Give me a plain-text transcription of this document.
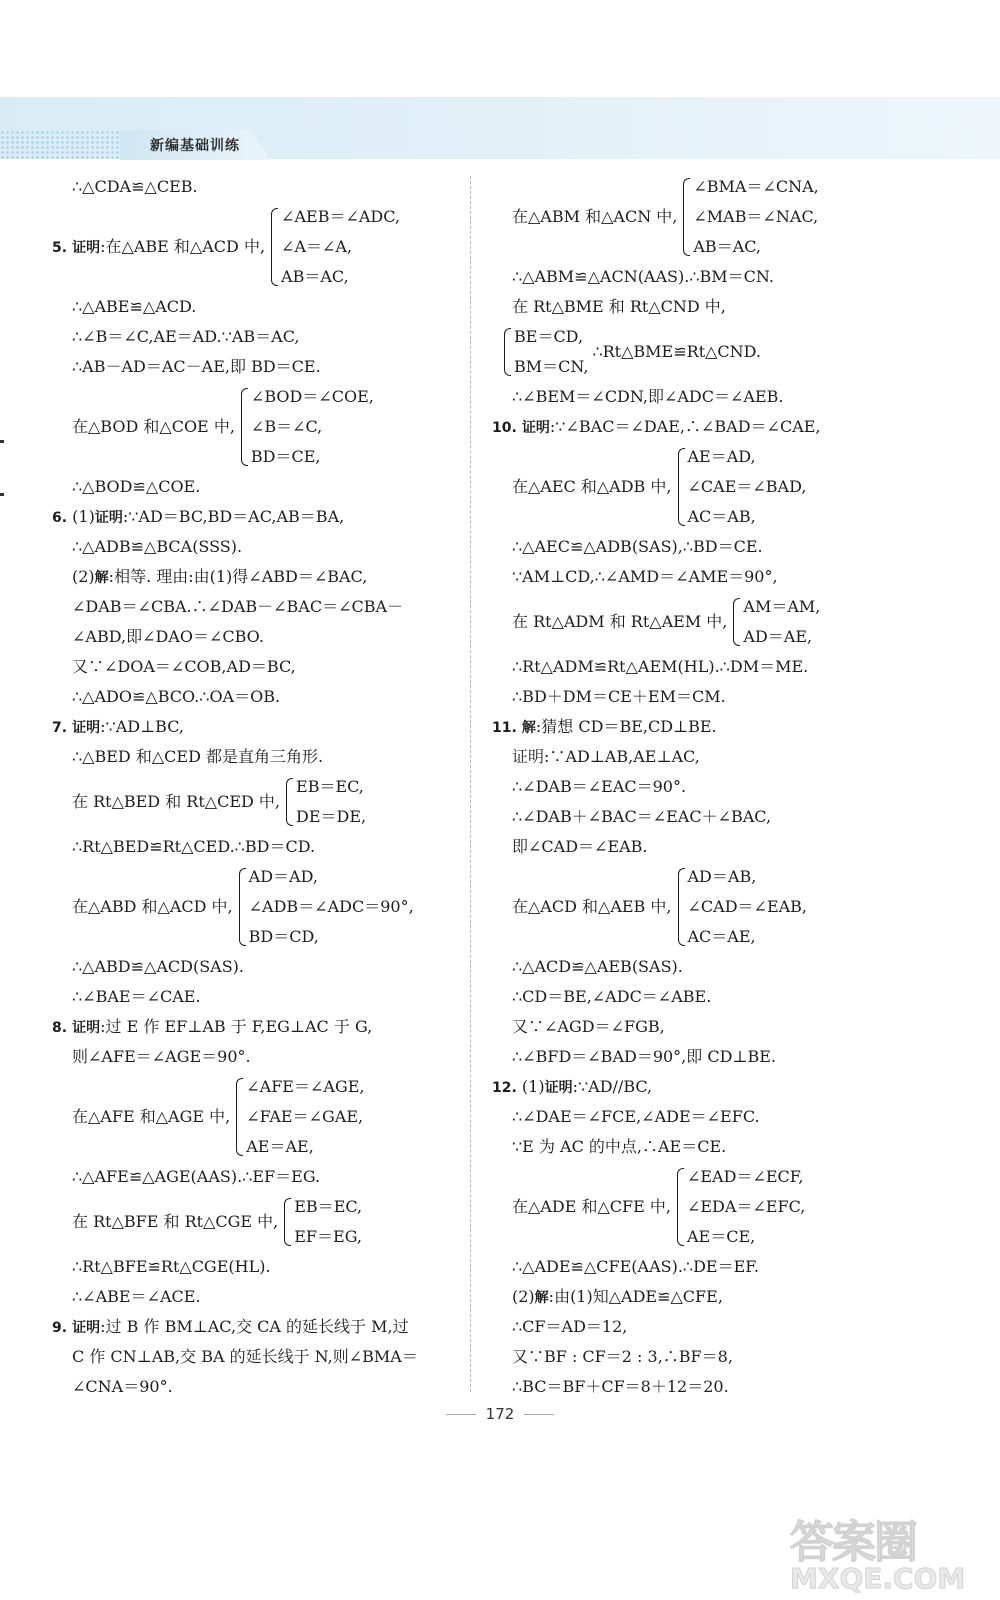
新编基础训练
∴△CDA≌△CEB.
5. 证明:在△ABE 和△ACD 中,
∠AEB＝∠ADC,
∠A＝∠A,
AB＝AC,
∴△ABE≌△ACD.
∴∠B＝∠C,AE＝AD.∵AB＝AC,
∴AB－AD＝AC－AE,即 BD＝CE.
在△BOD 和△COE 中,
∠BOD＝∠COE,
∠B＝∠C,
BD＝CE,
∴△BOD≌△COE.
6. (1)证明:∵AD＝BC,BD＝AC,AB＝BA,
∴△ADB≌△BCA(SSS).
(2)解:相等. 理由:由(1)得∠ABD＝∠BAC,
∠DAB＝∠CBA.∴∠DAB－∠BAC＝∠CBA－
∠ABD,即∠DAO＝∠CBO.
又∵∠DOA＝∠COB,AD＝BC,
∴△ADO≌△BCO.∴OA＝OB.
7. 证明:∵AD⊥BC,
∴△BED 和△CED 都是直角三角形.
在 Rt△BED 和 Rt△CED 中,
EB＝EC,
DE＝DE,
∴Rt△BED≌Rt△CED.∴BD＝CD.
在△ABD 和△ACD 中,
AD＝AD,
∠ADB＝∠ADC＝90°,
BD＝CD,
∴△ABD≌△ACD(SAS).
∴∠BAE＝∠CAE.
8. 证明:过 E 作 EF⊥AB 于 F,EG⊥AC 于 G,
则∠AFE＝∠AGE＝90°.
在△AFE 和△AGE 中,
∠AFE＝∠AGE,
∠FAE＝∠GAE,
AE＝AE,
∴△AFE≌△AGE(AAS).∴EF＝EG.
在 Rt△BFE 和 Rt△CGE 中,
EB＝EC,
EF＝EG,
∴Rt△BFE≌Rt△CGE(HL).
∴∠ABE＝∠ACE.
9. 证明:过 B 作 BM⊥AC,交 CA 的延长线于 M,过
C 作 CN⊥AB,交 BA 的延长线于 N,则∠BMA＝
∠CNA＝90°.
在△ABM 和△ACN 中,
∠BMA＝∠CNA,
∠MAB＝∠NAC,
AB＝AC,
∴△ABM≌△ACN(AAS).∴BM＝CN.
在 Rt△BME 和 Rt△CND 中,
BE＝CD,
BM＝CN,
∴Rt△BME≌Rt△CND.
∴∠BEM＝∠CDN,即∠ADC＝∠AEB.
10. 证明:∵∠BAC＝∠DAE,∴∠BAD＝∠CAE,
在△AEC 和△ADB 中,
AE＝AD,
∠CAE＝∠BAD,
AC＝AB,
∴△AEC≌△ADB(SAS),∴BD＝CE.
∵AM⊥CD,∴∠AMD＝∠AME＝90°,
在 Rt△ADM 和 Rt△AEM 中,
AM＝AM,
AD＝AE,
∴Rt△ADM≌Rt△AEM(HL).∴DM＝ME.
∴BD＋DM＝CE＋EM＝CM.
11. 解:猜想 CD＝BE,CD⊥BE.
证明:∵AD⊥AB,AE⊥AC,
∴∠DAB＝∠EAC＝90°.
∴∠DAB＋∠BAC＝∠EAC＋∠BAC,
即∠CAD＝∠EAB.
在△ACD 和△AEB 中,
AD＝AB,
∠CAD＝∠EAB,
AC＝AE,
∴△ACD≌△AEB(SAS).
∴CD＝BE,∠ADC＝∠ABE.
又∵∠AGD＝∠FGB,
∴∠BFD＝∠BAD＝90°,即 CD⊥BE.
12. (1)证明:∵AD//BC,
∴∠DAE＝∠FCE,∠ADE＝∠EFC.
∵E 为 AC 的中点,∴AE＝CE.
在△ADE 和△CFE 中,
∠EAD＝∠ECF,
∠EDA＝∠EFC,
AE＝CE,
∴△ADE≌△CFE(AAS).∴DE＝EF.
(2)解:由(1)知△ADE≌△CFE,
∴CF＝AD＝12,
又∵BF : CF＝2 : 3,∴BF＝8,
∴BC＝BF＋CF＝8＋12＝20.
172
答案圈
MXQE.COM
